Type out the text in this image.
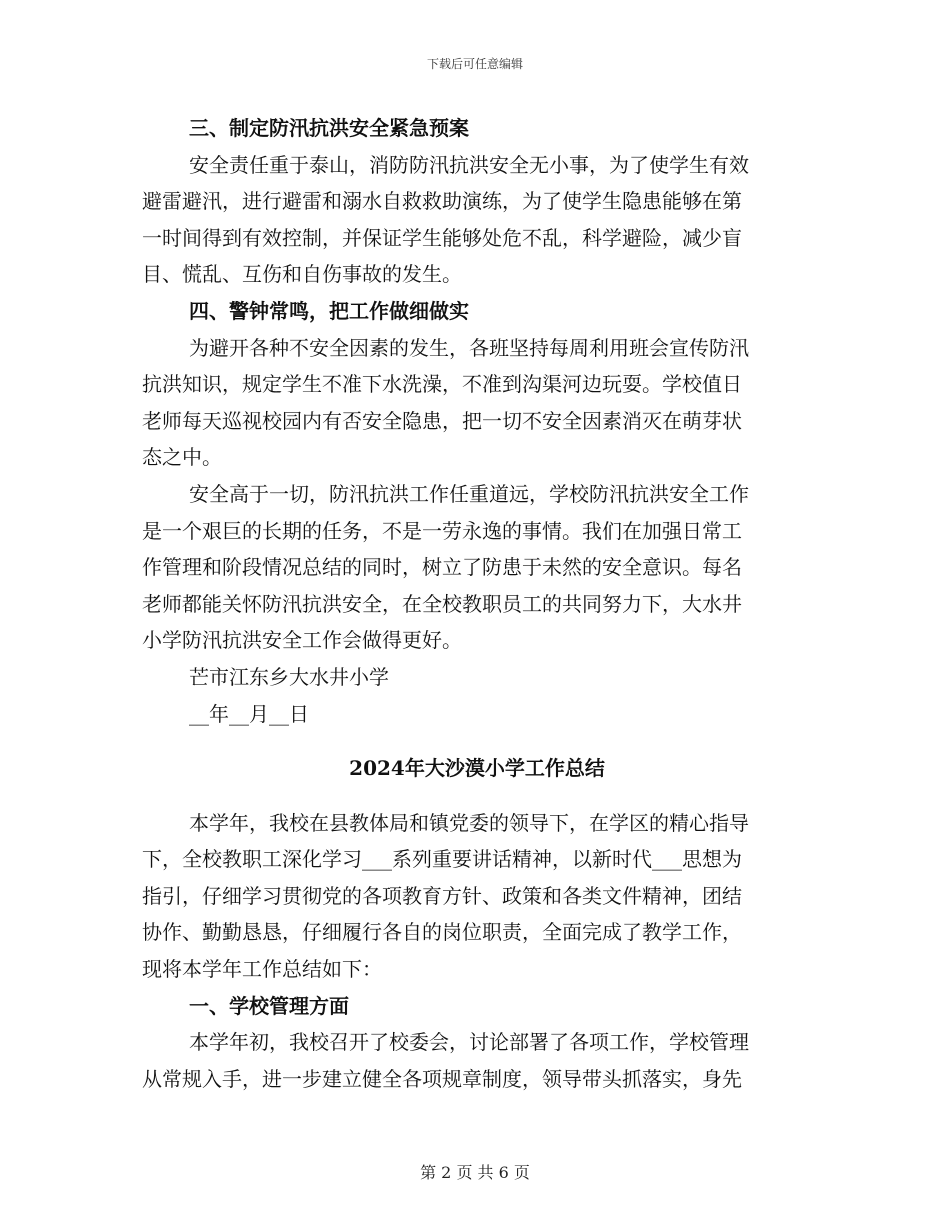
下载后可任意编辑
三、制定防汛抗洪安全紧急预案
安全责任重于泰山，消防防汛抗洪安全无小事，为了使学生有效
避雷避汛，进行避雷和溺水自救救助演练，为了使学生隐患能够在第
一时间得到有效控制，并保证学生能够处危不乱，科学避险，减少盲
目、慌乱、互伤和自伤事故的发生。
四、警钟常鸣，把工作做细做实
为避开各种不安全因素的发生，各班坚持每周利用班会宣传防汛
抗洪知识，规定学生不准下水洗澡，不准到沟渠河边玩耍。学校值日
老师每天巡视校园内有否安全隐患，把一切不安全因素消灭在萌芽状
态之中。
安全高于一切，防汛抗洪工作任重道远，学校防汛抗洪安全工作
是一个艰巨的长期的任务，不是一劳永逸的事情。我们在加强日常工
作管理和阶段情况总结的同时，树立了防患于未然的安全意识。每名
老师都能关怀防汛抗洪安全，在全校教职员工的共同努力下，大水井
小学防汛抗洪安全工作会做得更好。
芒市江东乡大水井小学
__年__月__日
2024年大沙漠小学工作总结
本学年，我校在县教体局和镇党委的领导下，在学区的精心指导
下，全校教职工深化学习___系列重要讲话精神，以新时代___思想为
指引，仔细学习贯彻党的各项教育方针、政策和各类文件精神，团结
协作、勤勤恳恳，仔细履行各自的岗位职责，全面完成了教学工作，
现将本学年工作总结如下：
一、学校管理方面
本学年初，我校召开了校委会，讨论部署了各项工作，学校管理
从常规入手，进一步建立健全各项规章制度，领导带头抓落实，身先
第 2 页 共 6 页
